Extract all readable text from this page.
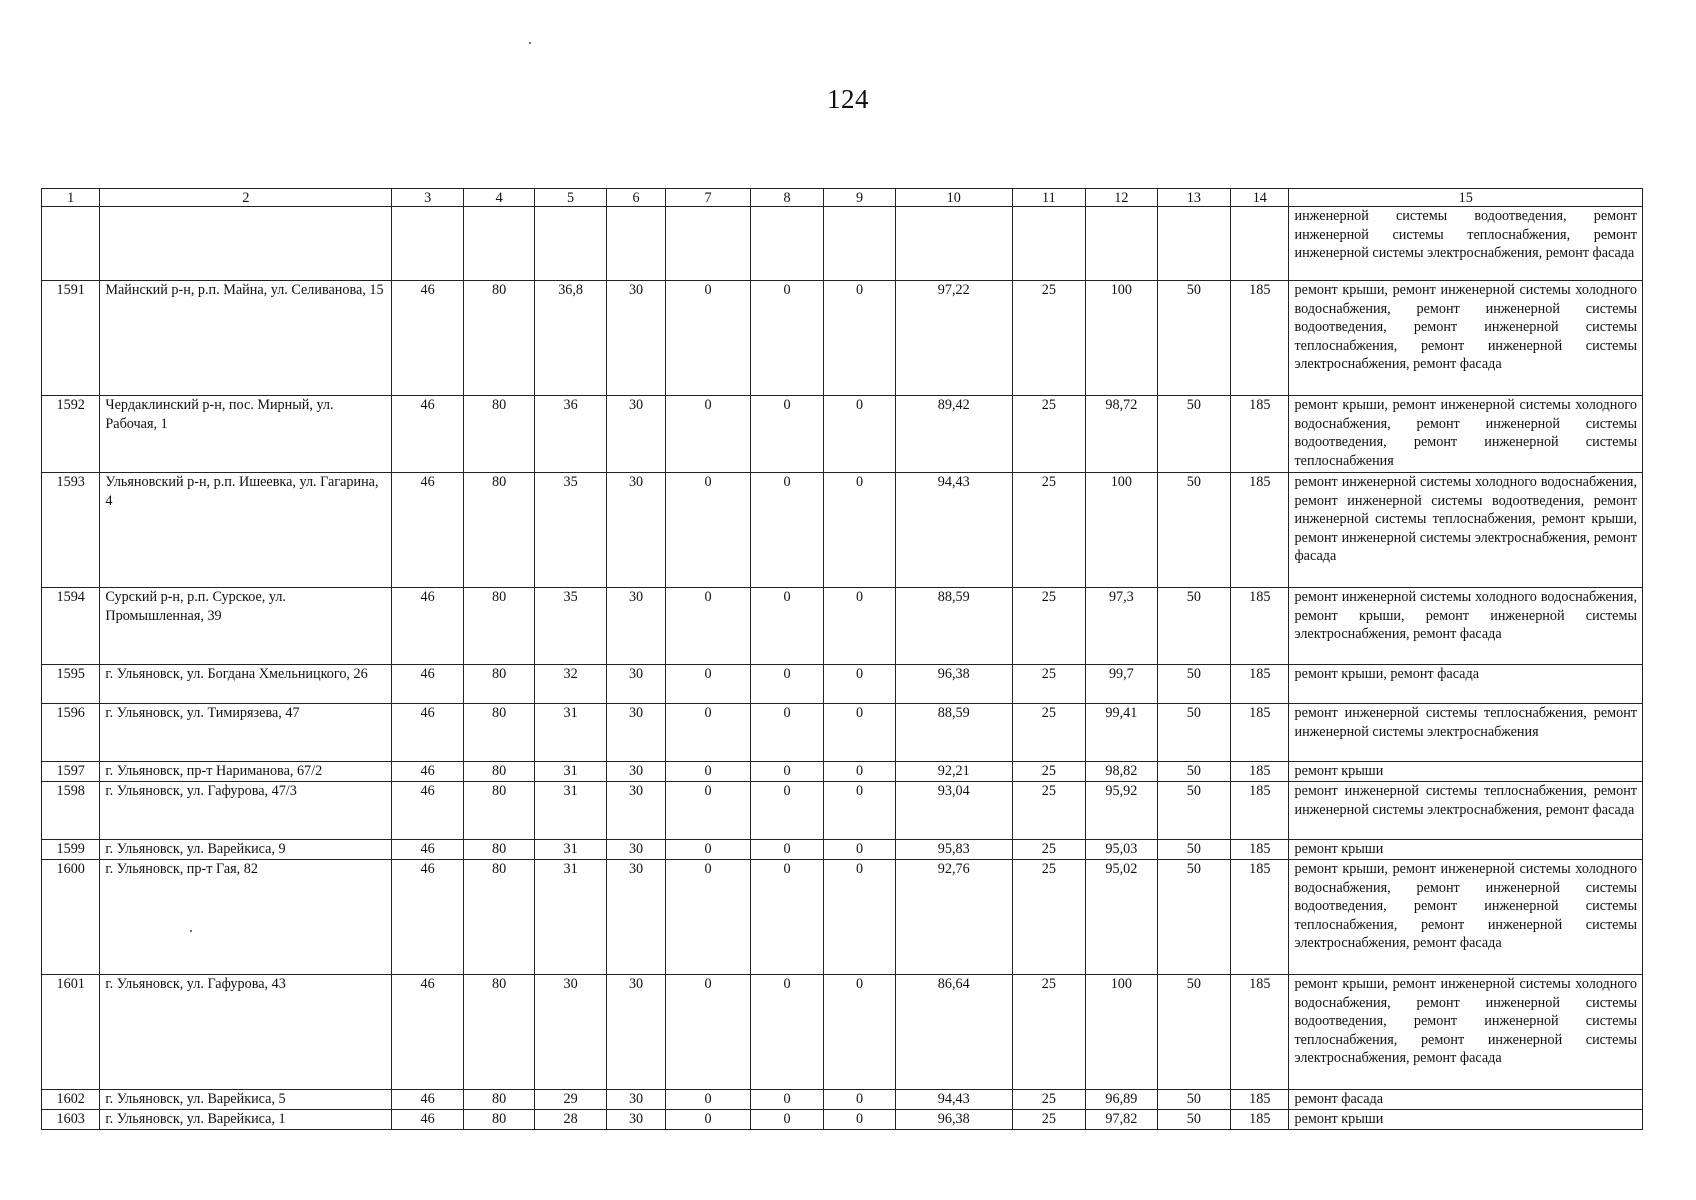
124
1	2	3	4	5	6	7	8	9	10	11	12	13	14	15
														инженерной системы водоотведения, ремонт инженерной системы теплоснабжения, ремонт инженерной системы электроснабжения, ремонт фасада
1591	Майнский р-н, р.п. Майна, ул. Селиванова, 15	46	80	36,8	30	0	0	0	97,22	25	100	50	185	ремонт крыши, ремонт инженерной системы холодного водоснабжения, ремонт инженерной системы водоотведения, ремонт инженерной системы теплоснабжения, ремонт инженерной системы электроснабжения, ремонт фасада
1592	Чердаклинский р-н, пос. Мирный, ул. Рабочая, 1	46	80	36	30	0	0	0	89,42	25	98,72	50	185	ремонт крыши, ремонт инженерной системы холодного водоснабжения, ремонт инженерной системы водоотведения, ремонт инженерной системы теплоснабжения
1593	Ульяновский р-н, р.п. Ишеевка, ул. Гагарина, 4	46	80	35	30	0	0	0	94,43	25	100	50	185	ремонт инженерной системы холодного водоснабжения, ремонт инженерной системы водоотведения, ремонт инженерной системы теплоснабжения, ремонт крыши, ремонт инженерной системы электроснабжения, ремонт фасада
1594	Сурский р-н, р.п. Сурское, ул. Промышленная, 39	46	80	35	30	0	0	0	88,59	25	97,3	50	185	ремонт инженерной системы холодного водоснабжения, ремонт крыши, ремонт инженерной системы электроснабжения, ремонт фасада
1595	г. Ульяновск, ул. Богдана Хмельницкого, 26	46	80	32	30	0	0	0	96,38	25	99,7	50	185	ремонт крыши, ремонт фасада
1596	г. Ульяновск, ул. Тимирязева, 47	46	80	31	30	0	0	0	88,59	25	99,41	50	185	ремонт инженерной системы теплоснабжения, ремонт инженерной системы электроснабжения
1597	г. Ульяновск, пр-т Нариманова, 67/2	46	80	31	30	0	0	0	92,21	25	98,82	50	185	ремонт крыши
1598	г. Ульяновск, ул. Гафурова, 47/3	46	80	31	30	0	0	0	93,04	25	95,92	50	185	ремонт инженерной системы теплоснабжения, ремонт инженерной системы электроснабжения, ремонт фасада
1599	г. Ульяновск, ул. Варейкиса, 9	46	80	31	30	0	0	0	95,83	25	95,03	50	185	ремонт крыши
1600	г. Ульяновск, пр-т Гая, 82	46	80	31	30	0	0	0	92,76	25	95,02	50	185	ремонт крыши, ремонт инженерной системы холодного водоснабжения, ремонт инженерной системы водоотведения, ремонт инженерной системы теплоснабжения, ремонт инженерной системы электроснабжения, ремонт фасада
1601	г. Ульяновск, ул. Гафурова, 43	46	80	30	30	0	0	0	86,64	25	100	50	185	ремонт крыши, ремонт инженерной системы холодного водоснабжения, ремонт инженерной системы водоотведения, ремонт инженерной системы теплоснабжения, ремонт инженерной системы электроснабжения, ремонт фасада
1602	г. Ульяновск, ул. Варейкиса, 5	46	80	29	30	0	0	0	94,43	25	96,89	50	185	ремонт фасада
1603	г. Ульяновск, ул. Варейкиса, 1	46	80	28	30	0	0	0	96,38	25	97,82	50	185	ремонт крыши
